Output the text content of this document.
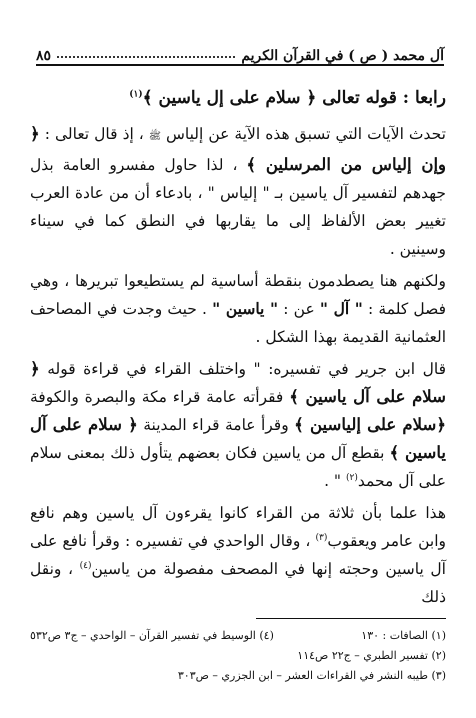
آل محمد ( ص ) في القرآن الكريم
٨٥

رابعا : قوله تعالى ﴿ سلام على إل ياسين ﴾$^{(١)}$

تحدث الآيات التي تسبق هذه الآية عن إلياس ﷺ ، إذ قال تعالى : ﴿ وإن إلياس من المرسلين ﴾ ، لذا حاول مفسرو العامة بذل جهدهم لتفسير آل ياسين بـ " إلياس " ، بادعاء أن من عادة العرب تغيير بعض الألفاظ إلى ما يقاربها في النطق كما في سيناء وسينين .

ولكنهم هنا يصطدمون بنقطة أساسية لم يستطيعوا تبريرها ، وهي فصل كلمة : " آل " عن : " ياسين " . حيث وجدت في المصاحف العثمانية القديمة بهذا الشكل .

قال ابن جرير في تفسيره: " واختلف القراء في قراءة قوله ﴿ سلام على آل ياسين ﴾ فقرأته عامة قراء مكة والبصرة والكوفة ﴿سلام على إلياسين ﴾ وقرأ عامة قراء المدينة ﴿ سلام على آل ياسين ﴾ بقطع آل من ياسين فكان بعضهم يتأول ذلك بمعنى سلام على آل محمد$^{(٢)}$ " .

هذا علما بأن ثلاثة من القراء كانوا يقرءون آل ياسين وهم نافع وابن عامر ويعقوب$^{(٣)}$ ، وقال الواحدي في تفسيره : وقرأ نافع على آل ياسين وحجته إنها في المصحف مفصولة من ياسين$^{(٤)}$ ، ونقل ذلك

(١) الصافات : ١٣٠
(٤) الوسيط في تفسير القرآن – الواحدي – ج٣ ص٥٣٢
(٢) تفسير الطبري – ج٢٢ ص١١٤
(٣) طيبه النشر في القراءات العشر – ابن الجزري – ص٣٠٣
